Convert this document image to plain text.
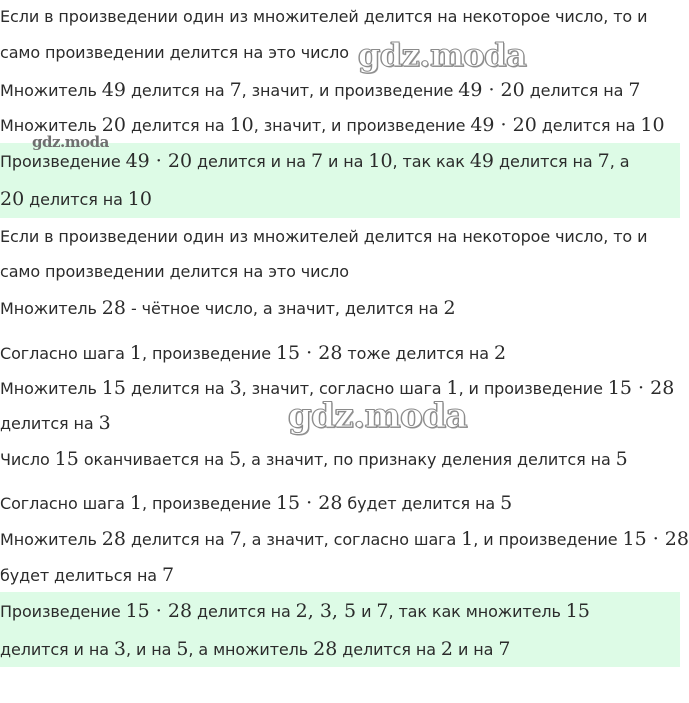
Если в произведении один из множителей делится на некоторое число, то и
само произведении делится на это число
Множитель 49 делится на 7, значит, и произведение 49 · 20 делится на 7
Множитель 20 делится на 10, значит, и произведение 49 · 20 делится на 10
Произведение 49 · 20 делится и на 7 и на 10, так как 49 делится на 7, а
20 делится на 10
Если в произведении один из множителей делится на некоторое число, то и
само произведении делится на это число
Множитель 28 - чётное число, а значит, делится на 2
Согласно шага 1, произведение 15 · 28 тоже делится на 2
Множитель 15 делится на 3, значит, согласно шага 1, и произведение 15 · 28
делится на 3
Число 15 оканчивается на 5, а значит, по признаку деления делится на 5
Согласно шага 1, произведение 15 · 28 будет делится на 5
Множитель 28 делится на 7, а значит, согласно шага 1, и произведение 15 · 28
будет делиться на 7
Произведение 15 · 28 делится на 2, 3, 5 и 7, так как множитель 15
делится и на 3, и на 5, а множитель 28 делится на 2 и на 7
gdz.moda
gdz.moda
gdz.moda
